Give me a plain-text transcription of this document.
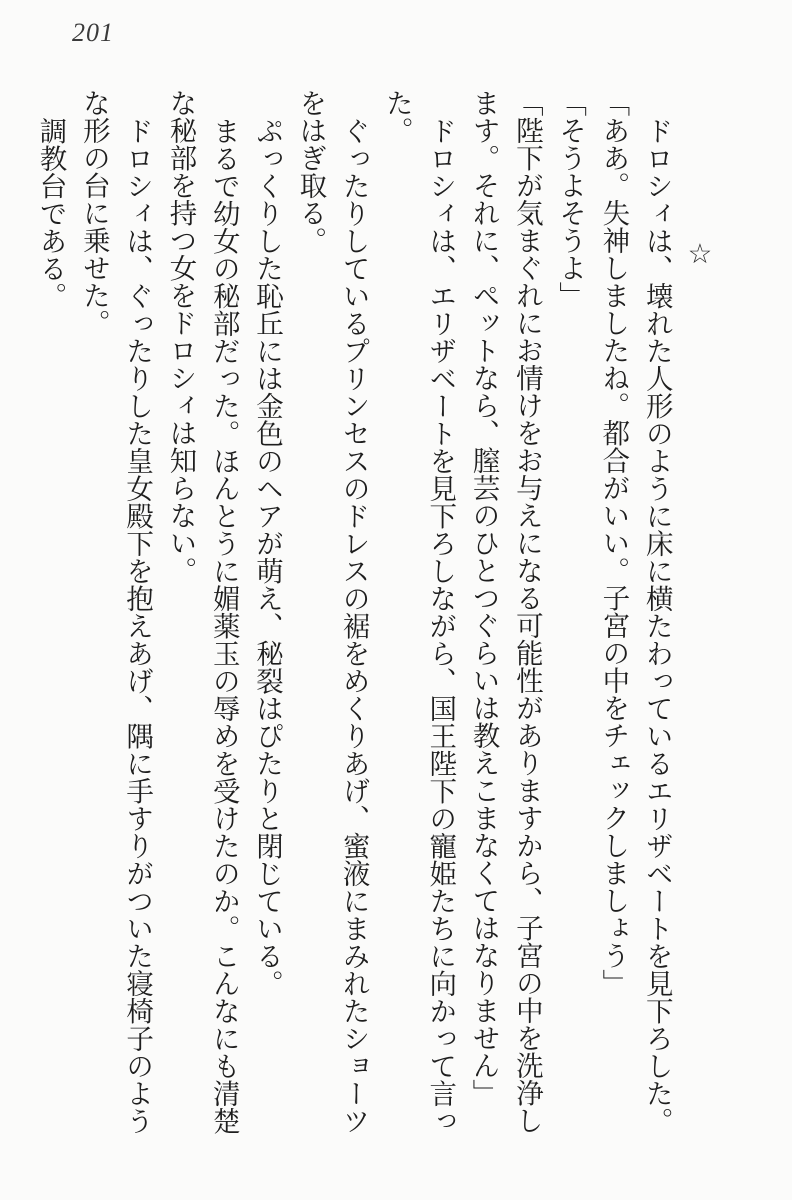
201

☆

ドロシィは、壊れた人形のように床に横たわっているエリザベートを見下ろした。

「ああ。失神しましたね。都合がいい。子宮の中をチェックしましょう」

「そうよそうよ」

「陛下が気まぐれにお情けをお与えになる可能性がありますから、子宮の中を洗浄します。それに、ペットなら、膣芸のひとつぐらいは教えこまなくてはなりません」

ドロシィは、エリザベートを見下ろしながら、国王陛下の寵姫たちに向かって言った。

ぐったりしているプリンセスのドレスの裾をめくりあげ、蜜液にまみれたショーツをはぎ取る。

ぷっくりした恥丘には金色のヘアが萌え、秘裂はぴたりと閉じている。

まるで幼女の秘部だった。ほんとうに媚薬玉の辱めを受けたのか。こんなにも清楚な秘部を持つ女をドロシィは知らない。

ドロシィは、ぐったりした皇女殿下を抱えあげ、隅に手すりがついた寝椅子のような形の台に乗せた。

調教台である。
